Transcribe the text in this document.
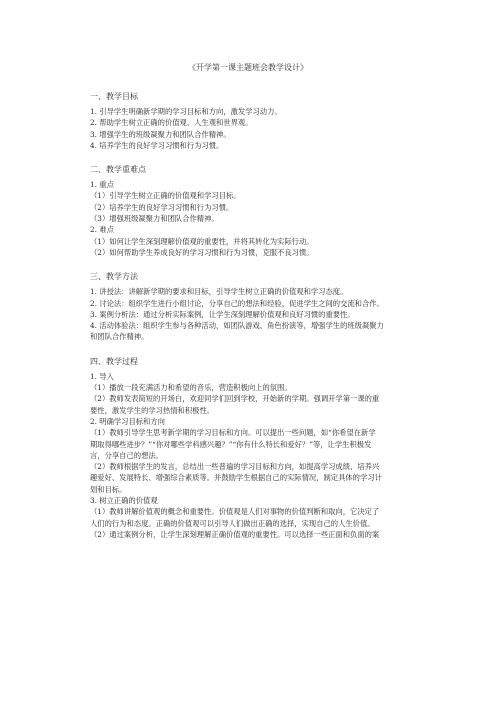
《开学第一课主题班会教学设计》
一、教学目标
1. 引导学生明确新学期的学习目标和方向，激发学习动力。
2. 帮助学生树立正确的价值观、人生观和世界观。
3. 增强学生的班级凝聚力和团队合作精神。
4. 培养学生的良好学习习惯和行为习惯。
二、教学重难点
1. 重点
（1）引导学生树立正确的价值观和学习目标。
（2）培养学生的良好学习习惯和行为习惯。
（3）增强班级凝聚力和团队合作精神。
2. 难点
（1）如何让学生深刻理解价值观的重要性，并将其转化为实际行动。
（2）如何帮助学生养成良好的学习习惯和行为习惯，克服不良习惯。
三、教学方法
1. 讲授法：讲解新学期的要求和目标，引导学生树立正确的价值观和学习态度。
2. 讨论法：组织学生进行小组讨论，分享自己的想法和经验，促进学生之间的交流和合作。
3. 案例分析法：通过分析实际案例，让学生深刻理解价值观和良好习惯的重要性。
4. 活动体验法：组织学生参与各种活动，如团队游戏、角色扮演等，增强学生的班级凝聚力
和团队合作精神。
四、教学过程
1. 导入
（1）播放一段充满活力和希望的音乐，营造积极向上的氛围。
（2）教师发表简短的开场白，欢迎同学们回到学校，开始新的学期。强调开学第一课的重
要性，激发学生的学习热情和积极性。
2. 明确学习目标和方向
（1）教师引导学生思考新学期的学习目标和方向。可以提出一些问题，如“你希望在新学
期取得哪些进步？”“你对哪些学科感兴趣？”“你有什么特长和爱好？”等，让学生积极发
言，分享自己的想法。
（2）教师根据学生的发言，总结出一些普遍的学习目标和方向，如提高学习成绩、培养兴
趣爱好、发展特长、增强综合素质等。并鼓励学生根据自己的实际情况，制定具体的学习计
划和目标。
3. 树立正确的价值观
（1）教师讲解价值观的概念和重要性。价值观是人们对事物的价值判断和取向，它决定了
人们的行为和态度。正确的价值观可以引导人们做出正确的选择，实现自己的人生价值。
（2）通过案例分析，让学生深刻理解正确价值观的重要性。可以选择一些正面和负面的案
